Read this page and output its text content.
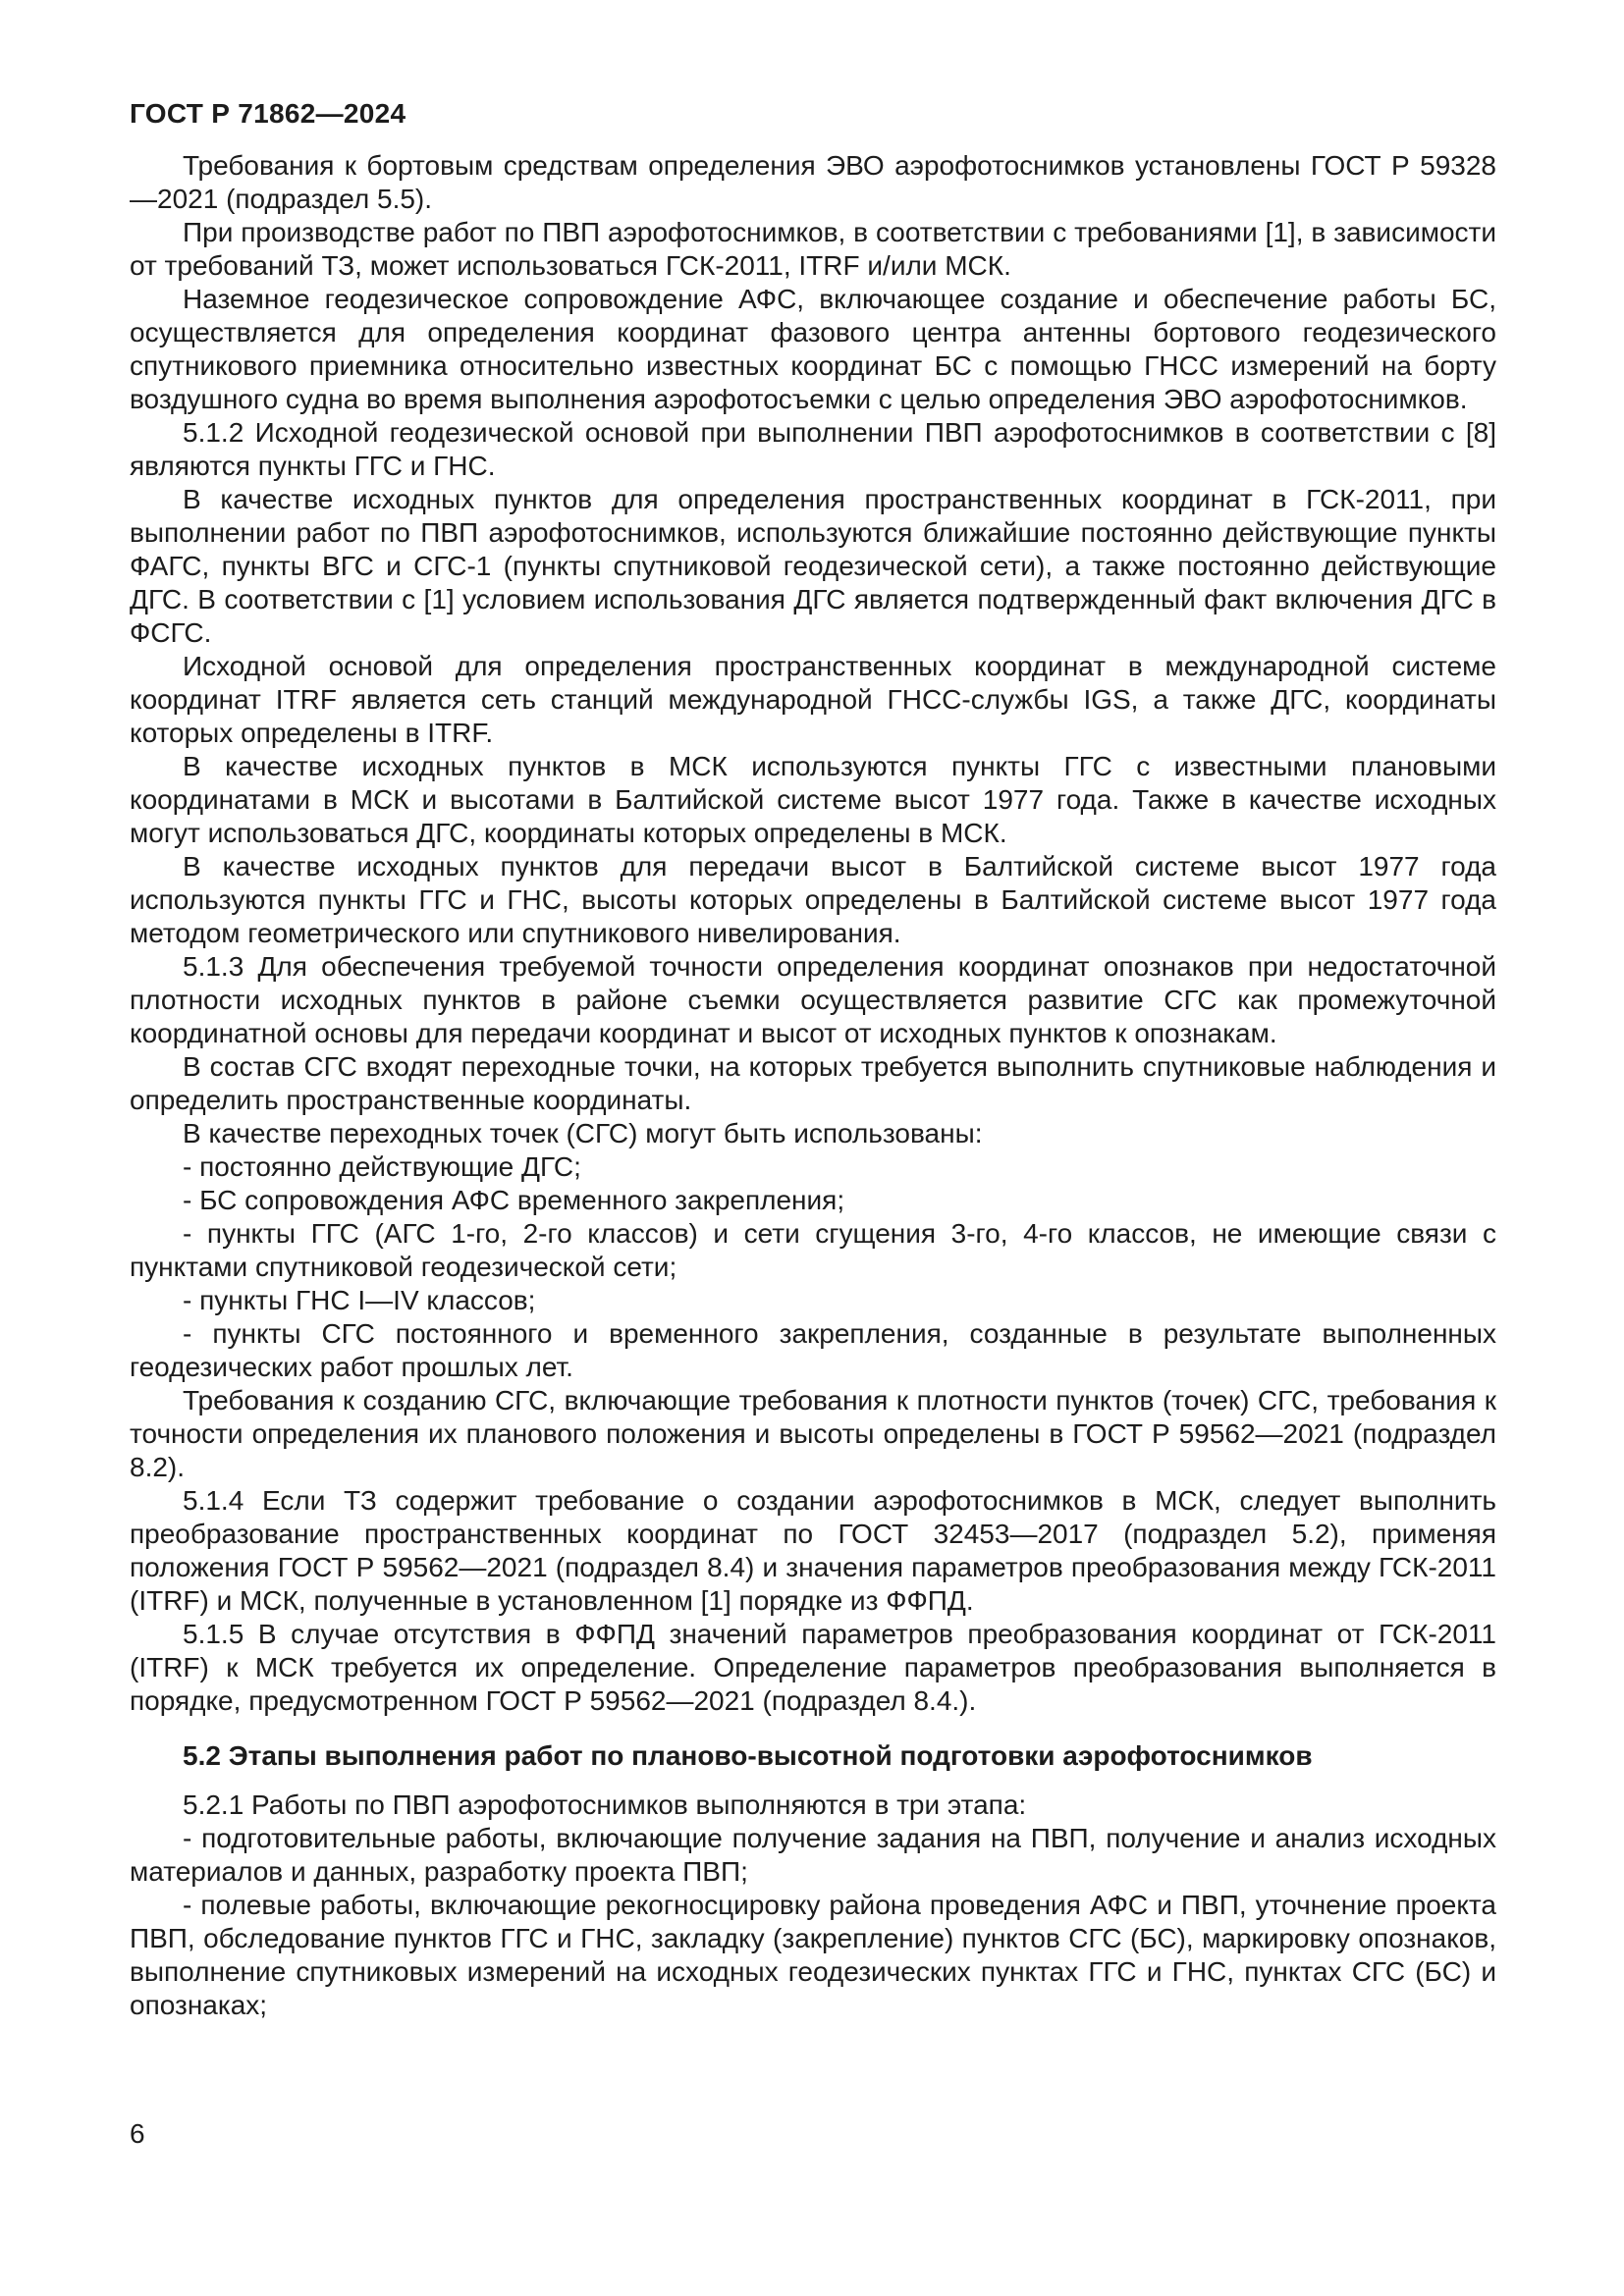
ГОСТ Р 71862—2024

Требования к бортовым средствам определения ЭВО аэрофотоснимков установлены ГОСТ Р 59328—2021 (подраздел 5.5).

При производстве работ по ПВП аэрофотоснимков, в соответствии с требованиями [1], в зависимости от требований ТЗ, может использоваться ГСК-2011, ITRF и/или МСК.

Наземное геодезическое сопровождение АФС, включающее создание и обеспечение работы БС, осуществляется для определения координат фазового центра антенны бортового геодезического спутникового приемника относительно известных координат БС с помощью ГНСС измерений на борту воздушного судна во время выполнения аэрофотосъемки с целью определения ЭВО аэрофотоснимков.

5.1.2 Исходной геодезической основой при выполнении ПВП аэрофотоснимков в соответствии с [8] являются пункты ГГС и ГНС.

В качестве исходных пунктов для определения пространственных координат в ГСК-2011, при выполнении работ по ПВП аэрофотоснимков, используются ближайшие постоянно действующие пункты ФАГС, пункты ВГС и СГС-1 (пункты спутниковой геодезической сети), а также постоянно действующие ДГС. В соответствии с [1] условием использования ДГС является подтвержденный факт включения ДГС в ФСГС.

Исходной основой для определения пространственных координат в международной системе координат ITRF является сеть станций международной ГНСС-службы IGS, а также ДГС, координаты которых определены в ITRF.

В качестве исходных пунктов в МСК используются пункты ГГС с известными плановыми координатами в МСК и высотами в Балтийской системе высот 1977 года. Также в качестве исходных могут использоваться ДГС, координаты которых определены в МСК.

В качестве исходных пунктов для передачи высот в Балтийской системе высот 1977 года используются пункты ГГС и ГНС, высоты которых определены в Балтийской системе высот 1977 года методом геометрического или спутникового нивелирования.

5.1.3 Для обеспечения требуемой точности определения координат опознаков при недостаточной плотности исходных пунктов в районе съемки осуществляется развитие СГС как промежуточной координатной основы для передачи координат и высот от исходных пунктов к опознакам.

В состав СГС входят переходные точки, на которых требуется выполнить спутниковые наблюдения и определить пространственные координаты.

В качестве переходных точек (СГС) могут быть использованы:

- постоянно действующие ДГС;

- БС сопровождения АФС временного закрепления;

- пункты ГГС (АГС 1-го, 2-го классов) и сети сгущения 3-го, 4-го классов, не имеющие связи с пунктами спутниковой геодезической сети;

- пункты ГНС I—IV классов;

- пункты СГС постоянного и временного закрепления, созданные в результате выполненных геодезических работ прошлых лет.

Требования к созданию СГС, включающие требования к плотности пунктов (точек) СГС, требования к точности определения их планового положения и высоты определены в ГОСТ Р 59562—2021 (подраздел 8.2).

5.1.4 Если ТЗ содержит требование о создании аэрофотоснимков в МСК, следует выполнить преобразование пространственных координат по ГОСТ 32453—2017 (подраздел 5.2), применяя положения ГОСТ Р 59562—2021 (подраздел 8.4) и значения параметров преобразования между ГСК-2011 (ITRF) и МСК, полученные в установленном [1] порядке из ФФПД.

5.1.5 В случае отсутствия в ФФПД значений параметров преобразования координат от ГСК-2011 (ITRF) к МСК требуется их определение. Определение параметров преобразования выполняется в порядке, предусмотренном ГОСТ Р 59562—2021 (подраздел 8.4.).

5.2 Этапы выполнения работ по планово-высотной подготовки аэрофотоснимков

5.2.1 Работы по ПВП аэрофотоснимков выполняются в три этапа:

- подготовительные работы, включающие получение задания на ПВП, получение и анализ исходных материалов и данных, разработку проекта ПВП;

- полевые работы, включающие рекогносцировку района проведения АФС и ПВП, уточнение проекта ПВП, обследование пунктов ГГС и ГНС, закладку (закрепление) пунктов СГС (БС), маркировку опознаков, выполнение спутниковых измерений на исходных геодезических пунктах ГГС и ГНС, пунктах СГС (БС) и опознаках;

6
